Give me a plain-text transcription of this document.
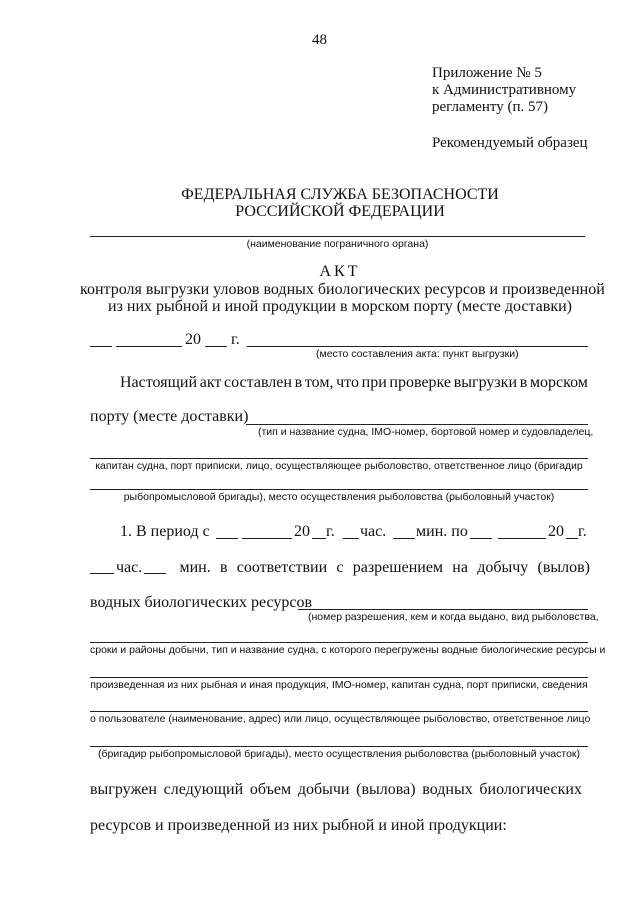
48
Приложение № 5
к Административному
регламенту (п. 57)
Рекомендуемый образец
ФЕДЕРАЛЬНАЯ СЛУЖБА БЕЗОПАСНОСТИ
РОССИЙСКОЙ ФЕДЕРАЦИИ
(наименование пограничного органа)
АКТ
контроля выгрузки уловов водных биологических ресурсов и произведенной
из них рыбной и иной продукции в морском порту (месте доставки)
20 г.
(место составления акта: пункт выгрузки)
Настоящий акт составлен в том, что при проверке выгрузки в морском
порту (месте доставки)
(тип и название судна, IMO-номер, бортовой номер и судовладелец,
капитан судна, порт приписки, лицо, осуществляющее рыболовство, ответственное лицо (бригадир
рыбопромысловой бригады), место осуществления рыболовства (рыболовный участок)
1. В период с	20 г. час. мин. по	20 г.
час. мин. в соответствии с разрешением на добычу (вылов)
водных биологических ресурсов
(номер разрешения, кем и когда выдано, вид рыболовства,
сроки и районы добычи, тип и название судна, с которого перегружены водные биологические ресурсы и
произведенная из них рыбная и иная продукция, IMO-номер, капитан судна, порт приписки, сведения
о пользователе (наименование, адрес) или лицо, осуществляющее рыболовство, ответственное лицо
(бригадир рыбопромысловой бригады), место осуществления рыболовства (рыболовный участок)
выгружен следующий объем добычи (вылова) водных биологических
ресурсов и произведенной из них рыбной и иной продукции:
